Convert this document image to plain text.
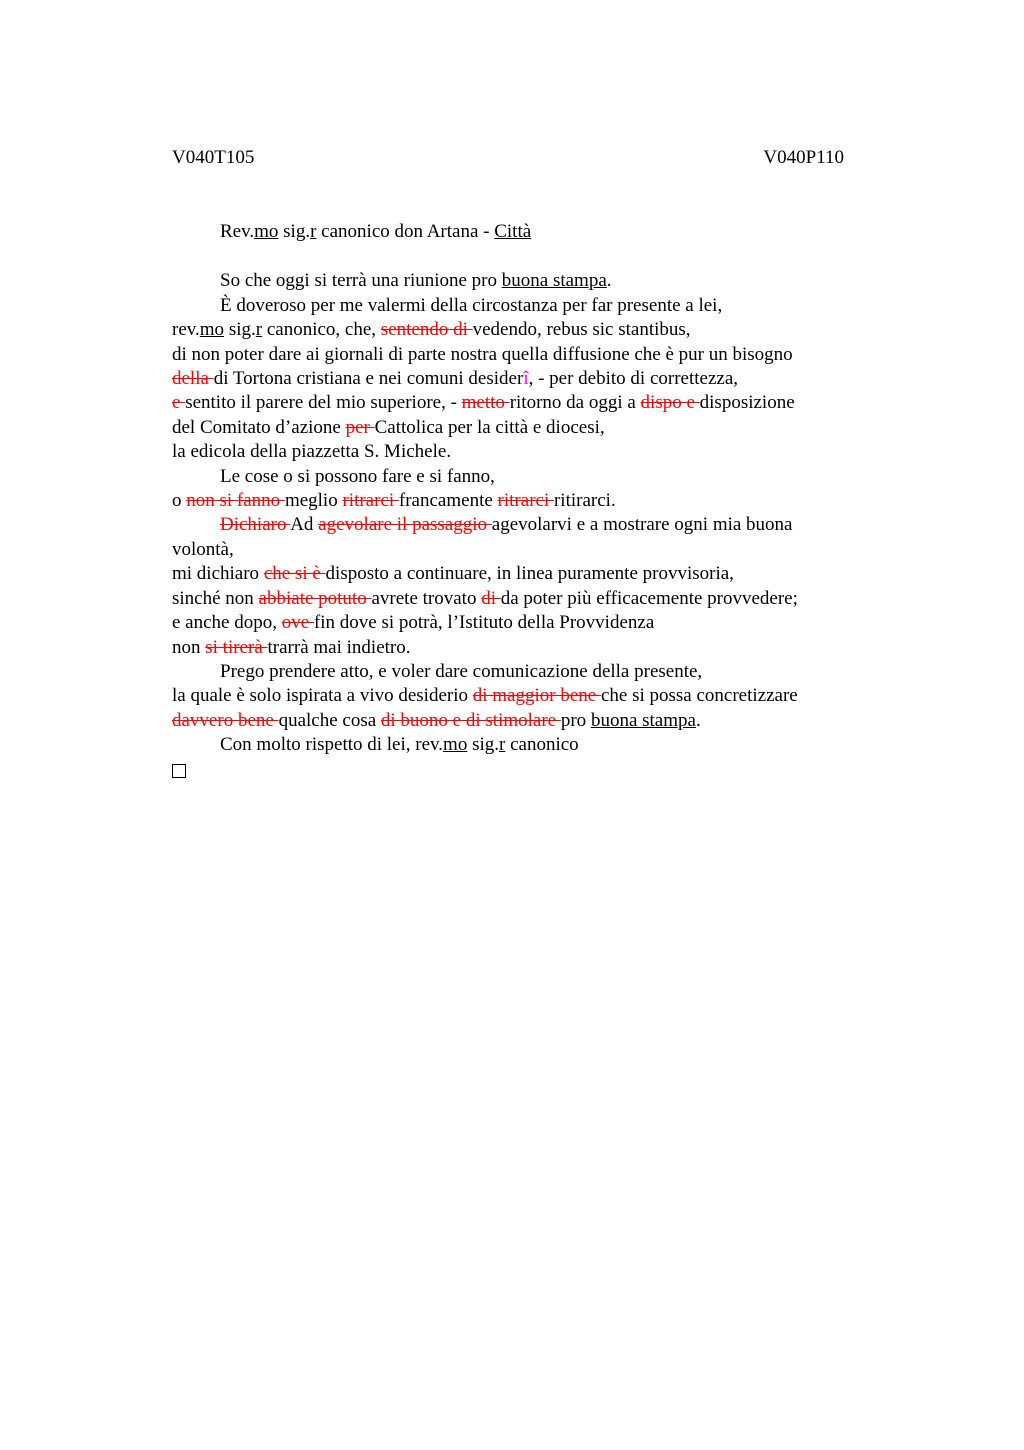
V040T105	V040P110
Rev.mo sig.r canonico don Artana - Città
So che oggi si terrà una riunione pro buona stampa.
È doveroso per me valermi della circostanza per far presente a lei,
rev.mo sig.r canonico, che, sentendo di vedendo, rebus sic stantibus,
di non poter dare ai giornali di parte nostra quella diffusione che è pur un bisogno
della di Tortona cristiana e nei comuni desiderî, - per debito di correttezza,
e sentito il parere del mio superiore, - metto ritorno da oggi a dispo e disposizione
del Comitato d’azione per Cattolica per la città e diocesi,
la edicola della piazzetta S. Michele.
Le cose o si possono fare e si fanno,
o non si fanno meglio ritrarci francamente ritrarci ritirarci.
Dichiaro Ad agevolare il passaggio agevolarvi e a mostrare ogni mia buona
volontà,
mi dichiaro che si è disposto a continuare, in linea puramente provvisoria,
sinché non abbiate potuto avrete trovato di da poter più efficacemente provvedere;
e anche dopo, ove fin dove si potrà, l’Istituto della Provvidenza
non si tirerà trarrà mai indietro.
Prego prendere atto, e voler dare comunicazione della presente,
la quale è solo ispirata a vivo desiderio di maggior bene che si possa concretizzare
davvero bene qualche cosa di buono e di stimolare pro buona stampa.
Con molto rispetto di lei, rev.mo sig.r canonico
